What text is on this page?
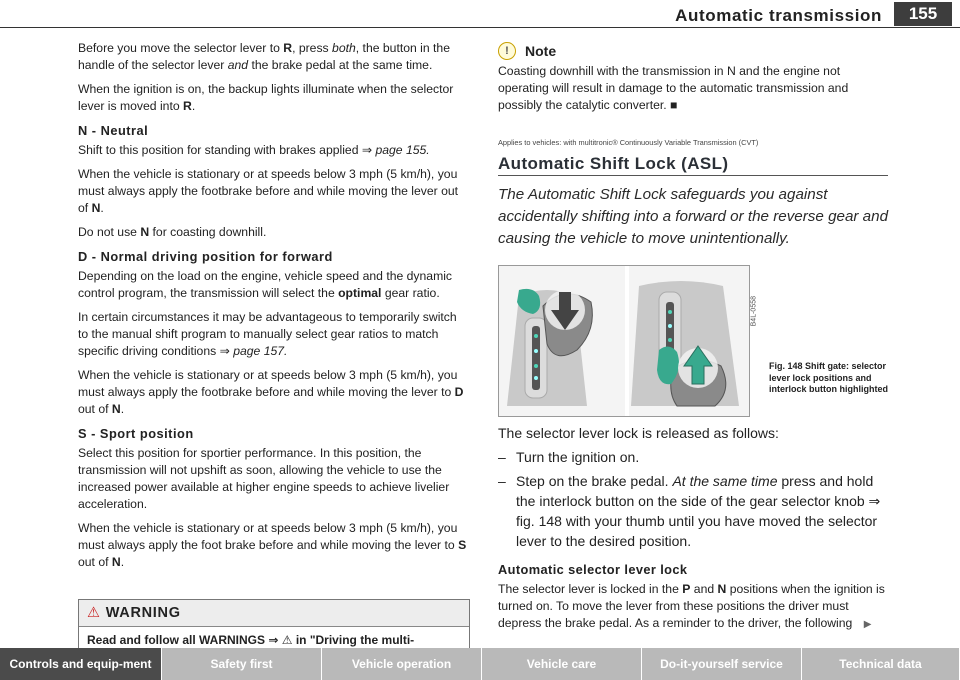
Automatic transmission	155

Before you move the selector lever to R, press both, the button in the handle of the selector lever and the brake pedal at the same time.

When the ignition is on, the backup lights illuminate when the selector lever is moved into R.

N - Neutral

Shift to this position for standing with brakes applied ⇒ page 155.

When the vehicle is stationary or at speeds below 3 mph (5 km/h), you must always apply the footbrake before and while moving the lever out of N.

Do not use N for coasting downhill.

D - Normal driving position for forward

Depending on the load on the engine, vehicle speed and the dynamic control program, the transmission will select the optimal gear ratio.

In certain circumstances it may be advantageous to temporarily switch to the manual shift program to manually select gear ratios to match specific driving conditions ⇒ page 157.

When the vehicle is stationary or at speeds below 3 mph (5 km/h), you must always apply the footbrake before and while moving the lever to D out of N.

S - Sport position

Select this position for sportier performance. In this position, the transmission will not upshift as soon, allowing the vehicle to use the increased power available at higher engine speeds to achieve livelier acceleration.

When the vehicle is stationary or at speeds below 3 mph (5 km/h), you must always apply the foot brake before and while moving the lever to S out of N.

⚠ WARNING
Read and follow all WARNINGS ⇒ ⚠ in "Driving the multi-
!	Note

Coasting downhill with the transmission in N and the engine not operating will result in damage to the automatic transmission and possibly the catalytic converter. ■

Applies to vehicles: with multitronic® Continuously Variable Transmission (CVT)
Automatic Shift Lock (ASL)
The Automatic Shift Lock safeguards you against accidentally shifting into a forward or the reverse gear and causing the vehicle to move unintentionally.
B4L-0558
Fig. 148 Shift gate: selector lever lock positions and interlock button highlighted
The selector lever lock is released as follows:
– Turn the ignition on.
– Step on the brake pedal. At the same time press and hold the interlock button on the side of the gear selector knob ⇒ fig. 148 with your thumb until you have moved the selector lever to the desired position.
Automatic selector lever lock
The selector lever is locked in the P and N positions when the ignition is turned on. To move the lever from these positions the driver must depress the brake pedal. As a reminder to the driver, the following ▶
Controls and equip-ment	Safety first	Vehicle operation	Vehicle care	Do-it-yourself service	Technical data
